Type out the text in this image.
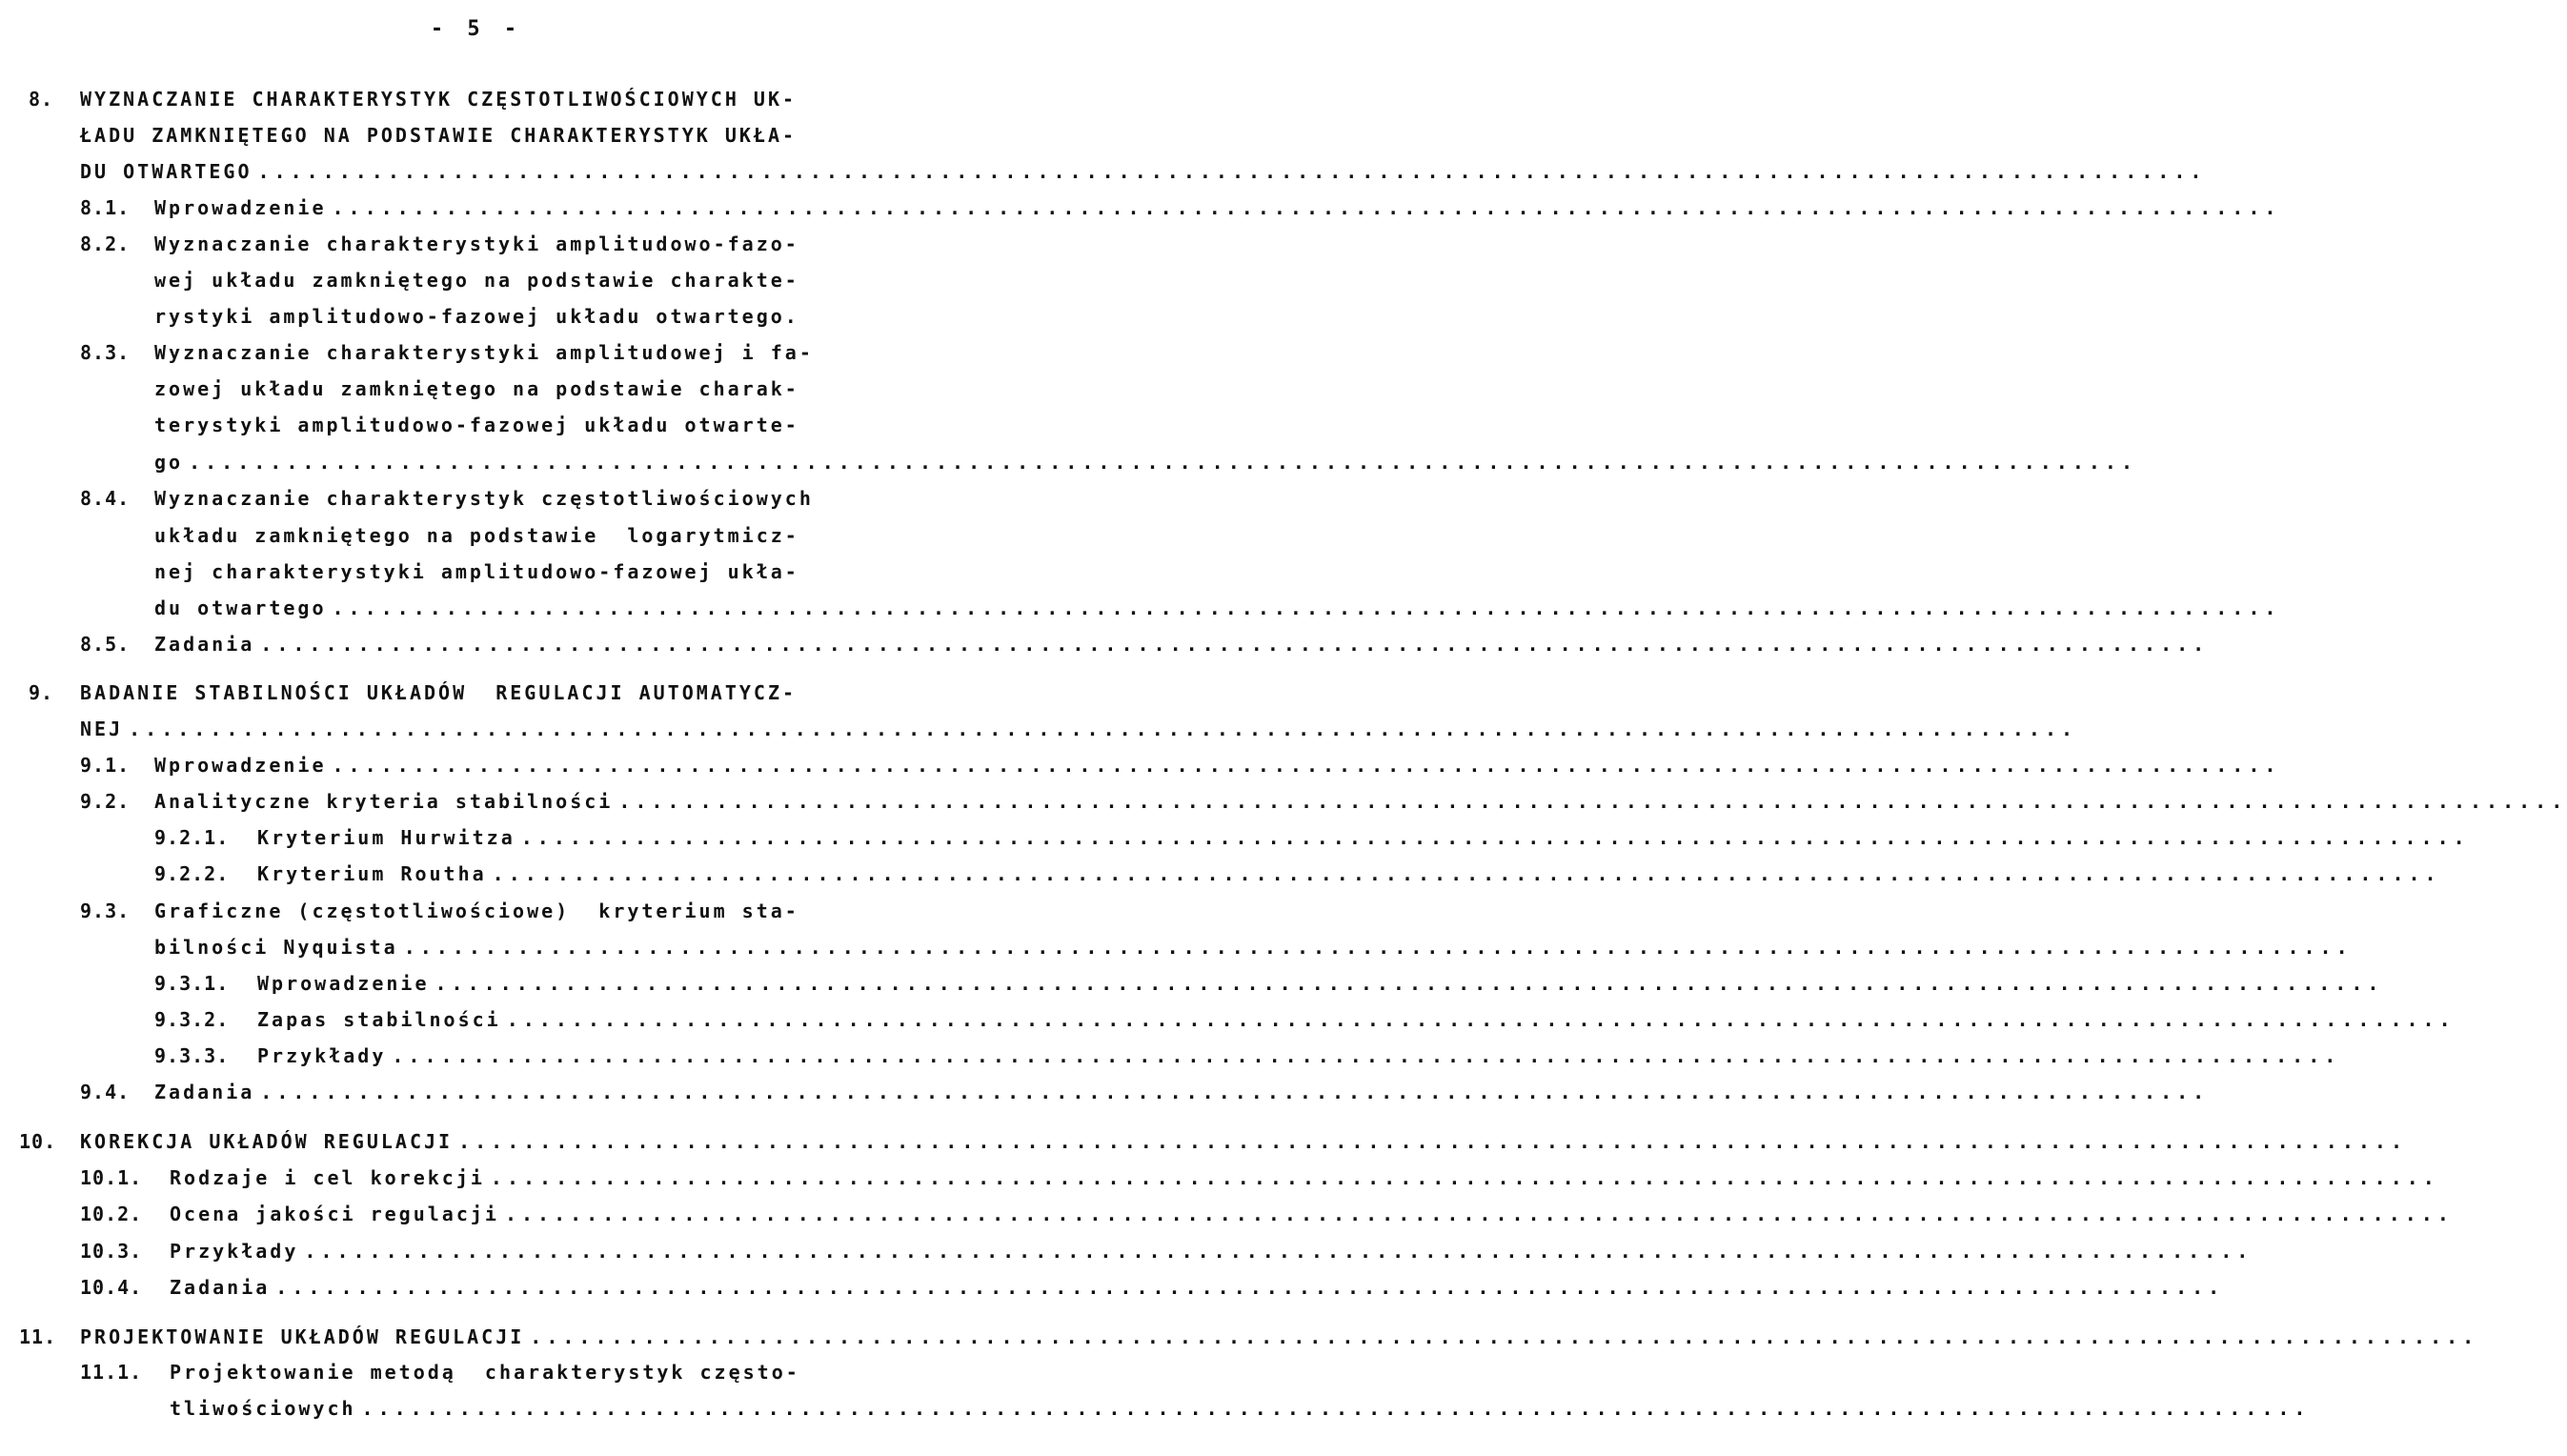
- 5 -
8. WYZNACZANIE CHARAKTERYSTYK CZĘSTOTLIWOŚCIOWYCH UK-
ŁADU ZAMKNIĘTEGO NA PODSTAWIE CHARAKTERYSTYK UKŁA-
DU OTWARTEGO ........................................................................................................................
8.1. Wprowadzenie ........................................................................................................................
8.2. Wyznaczanie charakterystyki amplitudowo-fazo-
wej układu zamkniętego na podstawie charakte-
rystyki amplitudowo-fazowej układu otwartego.
8.3. Wyznaczanie charakterystyki amplitudowej i fa-
zowej układu zamkniętego na podstawie charak-
terystyki amplitudowo-fazowej układu otwarte-
go ........................................................................................................................
8.4. Wyznaczanie charakterystyk częstotliwościowych
układu zamkniętego na podstawie  logarytmicz-
nej charakterystyki amplitudowo-fazowej ukła-
du otwartego ........................................................................................................................
8.5. Zadania ........................................................................................................................
9. BADANIE STABILNOŚCI UKŁADÓW  REGULACJI AUTOMATYCZ-
NEJ ........................................................................................................................
9.1. Wprowadzenie ........................................................................................................................
9.2. Analityczne kryteria stabilności ........................................................................................................................
9.2.1. Kryterium Hurwitza ........................................................................................................................
9.2.2. Kryterium Routha ........................................................................................................................
9.3. Graficzne (częstotliwościowe)  kryterium sta-
bilności Nyquista ........................................................................................................................
9.3.1. Wprowadzenie ........................................................................................................................
9.3.2. Zapas stabilności ........................................................................................................................
9.3.3. Przykłady ........................................................................................................................
9.4. Zadania ........................................................................................................................
10. KOREKCJA UKŁADÓW REGULACJI ........................................................................................................................
10.1. Rodzaje i cel korekcji ........................................................................................................................
10.2. Ocena jakości regulacji ........................................................................................................................
10.3. Przykłady ........................................................................................................................
10.4. Zadania ........................................................................................................................
11. PROJEKTOWANIE UKŁADÓW REGULACJI ........................................................................................................................
11.1. Projektowanie metodą  charakterystyk często-
tliwościowych ........................................................................................................................
